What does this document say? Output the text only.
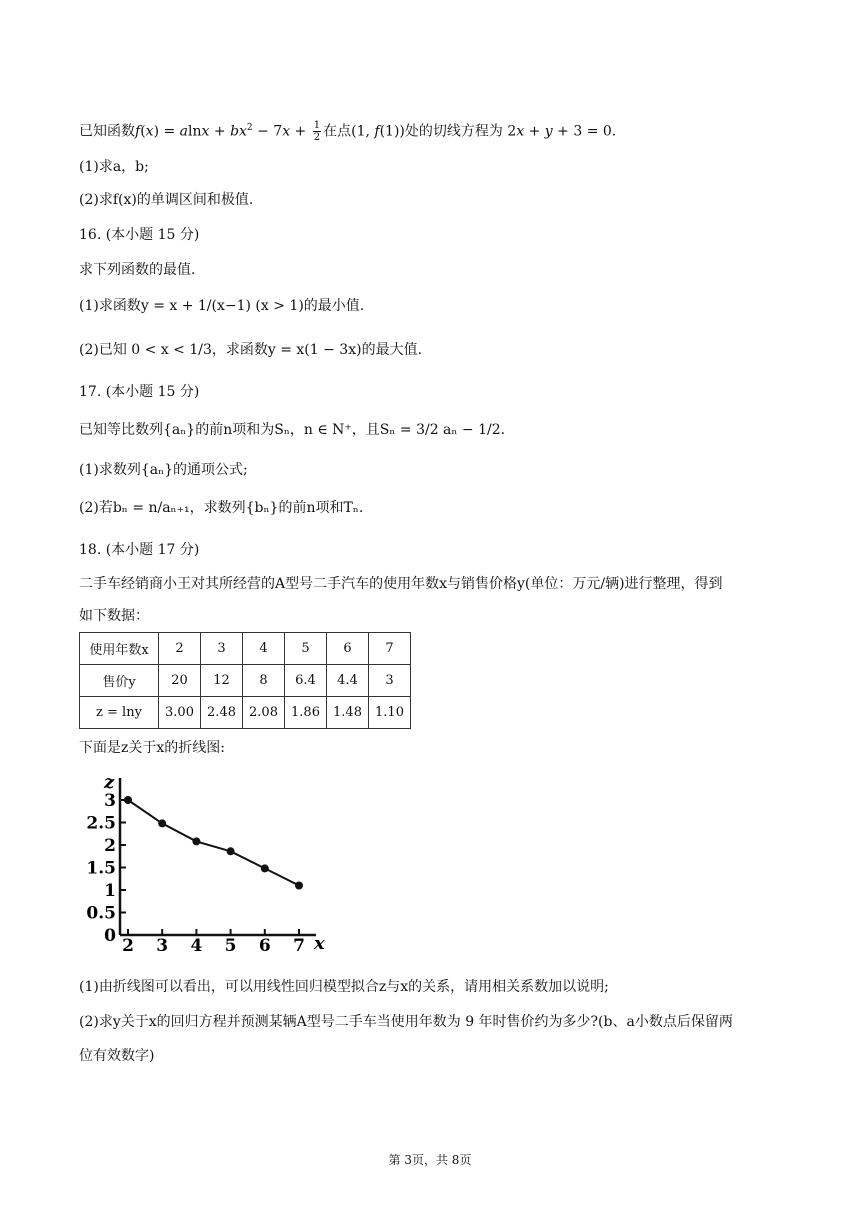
已知函数$f(x) = alnx + bx^2 - 7x + \frac{1}{2}$ 在点(1, f(1))处的切线方程为 2x + y + 3 = 0.
(1)求a，b;
(2)求f(x)的单调区间和极值.
16. (本小题 15 分)
求下列函数的最值.
(1)求函数y = x + 1/(x−1) (x > 1)的最小值.
(2)已知 0 < x < 1/3，求函数y = x(1 − 3x)的最大值.
17. (本小题 15 分)
已知等比数列{aₙ}的前n项和为Sₙ，n ∈ N⁺，且Sₙ = 3/2 aₙ − 1/2.
(1)求数列{aₙ}的通项公式;
(2)若bₙ = n/aₙ₊₁，求数列{bₙ}的前n项和Tₙ.
18. (本小题 17 分)
二手车经销商小王对其所经营的A型号二手汽车的使用年数x与销售价格y(单位：万元/辆)进行整理，得到
如下数据：
使用年数x	2	3	4	5	6	7
售价y	20	12	8	6.4	4.4	3
z = lny	3.00	2.48	2.08	1.86	1.48	1.10
下面是z关于x的折线图:
z
x
0
0.5
1
1.5
2
2.5
3
2 3 4 5 6 7
(1)由折线图可以看出，可以用线性回归模型拟合z与x的关系，请用相关系数加以说明;
(2)求y关于x的回归方程并预测某辆A型号二手车当使用年数为 9 年时售价约为多少?(b、a小数点后保留两
位有效数字)
第 3页，共 8页
